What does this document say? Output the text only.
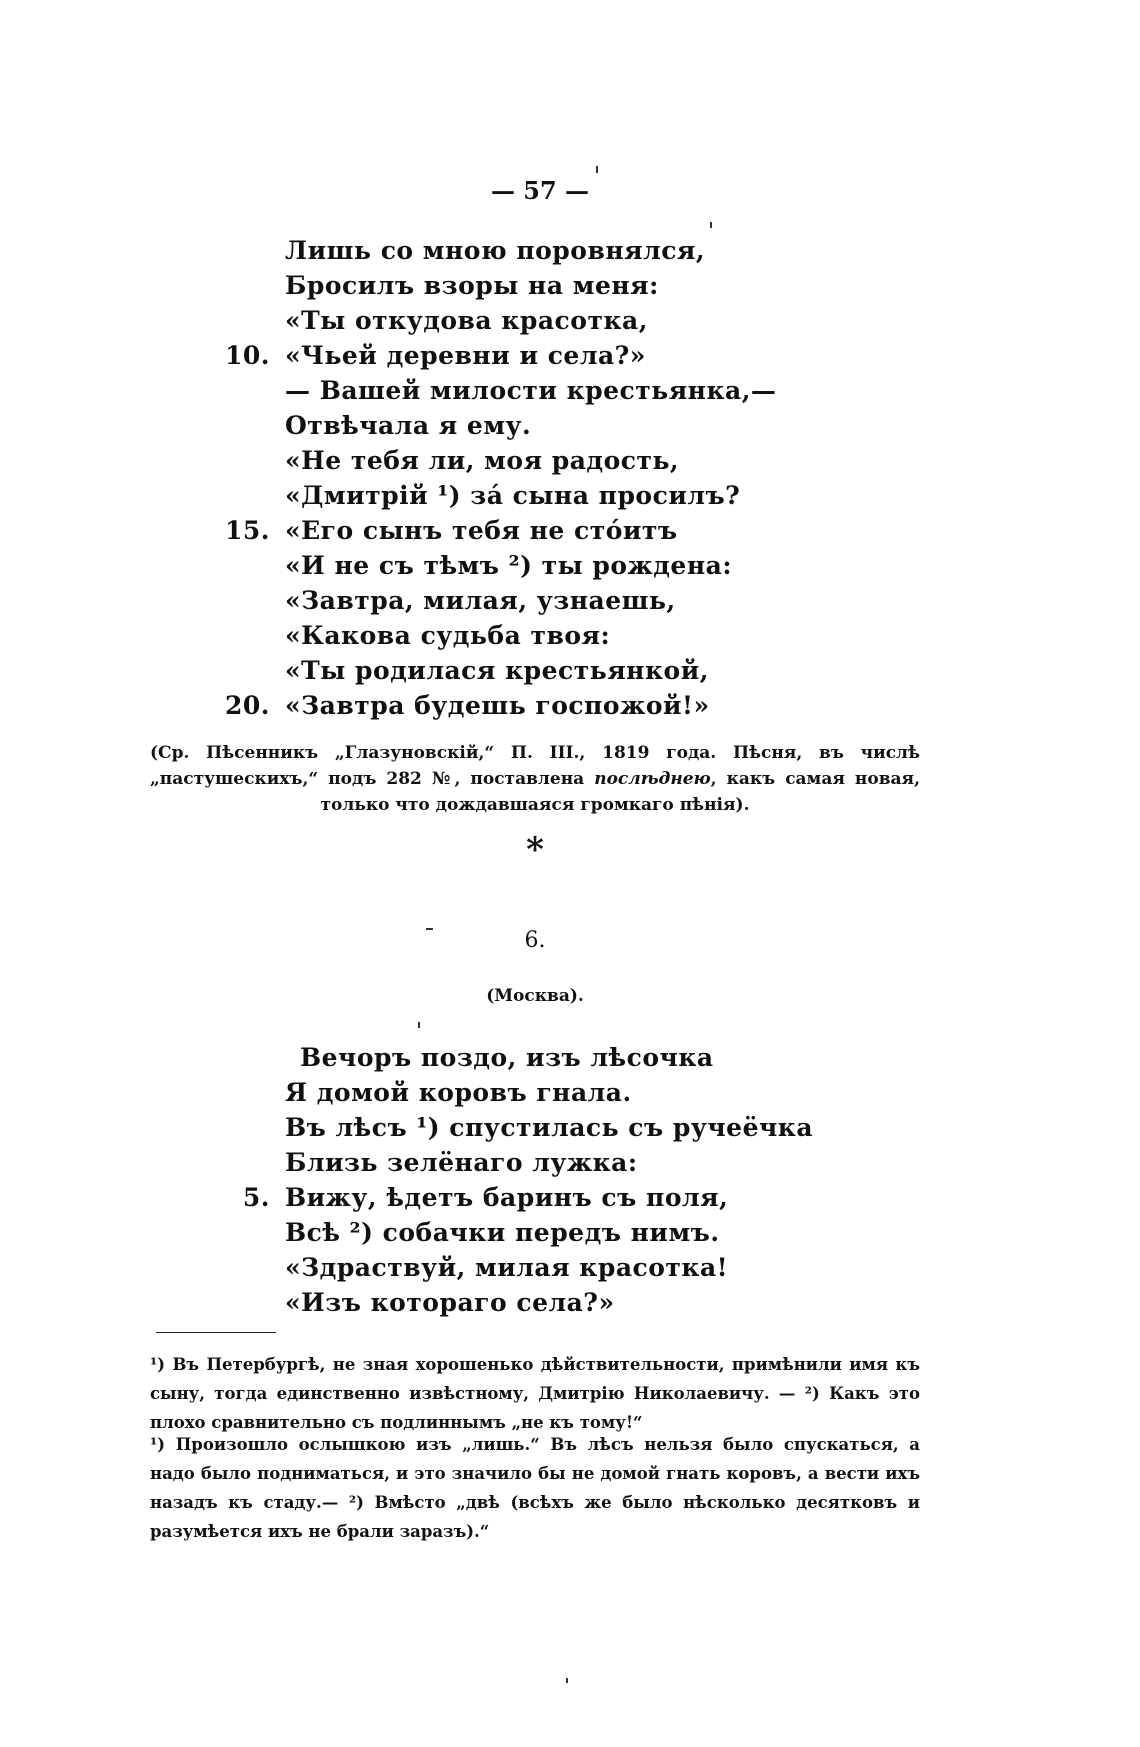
— 57 —
Лишь со мною поровнялся,
Бросилъ взоры на меня:
«Ты откудова красотка,
10. «Чьей деревни и села?»
— Вашей милости крестьянка,—
Отвѣчала я ему.
«Не тебя ли, моя радость,
«Дмитрій ¹) зá сына просилъ?
15. «Его сынъ тебя не стóитъ
«И не съ тѣмъ ²) ты рождена:
«Завтра, милая, узнаешь,
«Какова судьба твоя:
«Ты родилася крестьянкой,
20. «Завтра будешь госпожой!»
(Ср. Пѣсенникъ „Глазуновскій,“ П. III., 1819 года. Пѣсня, въ числѣ „пастушескихъ,“ подъ 282 №, поставлена послѣднею, какъ самая новая, только что дождавшаяся громкаго пѣнія).
*
6.
(Москва).
Вечоръ поздо, изъ лѣсочка
Я домой коровъ гнала.
Въ лѣсъ ¹) спустилась съ ручеёчка
Близь зелёнаго лужка:
5. Вижу, ѣдетъ баринъ съ поля,
Всѣ ²) собачки передъ нимъ.
«Здраствуй, милая красотка!
«Изъ котораго села?»
¹) Въ Петербургѣ, не зная хорошенько дѣйствительности, примѣнили имя къ сыну, тогда единственно извѣстному, Дмитрію Николаевичу. — ²) Какъ это плохо сравнительно съ подлиннымъ „не къ тому!“
¹) Произошло ослышкою изъ „лишь.“ Въ лѣсъ нельзя было спускаться, а надо было подниматься, и это значило бы не домой гнать коровъ, а вести ихъ назадъ къ стаду.— ²) Вмѣсто „двѣ (всѣхъ же было нѣсколько десятковъ и разумѣется ихъ не брали заразъ).“
